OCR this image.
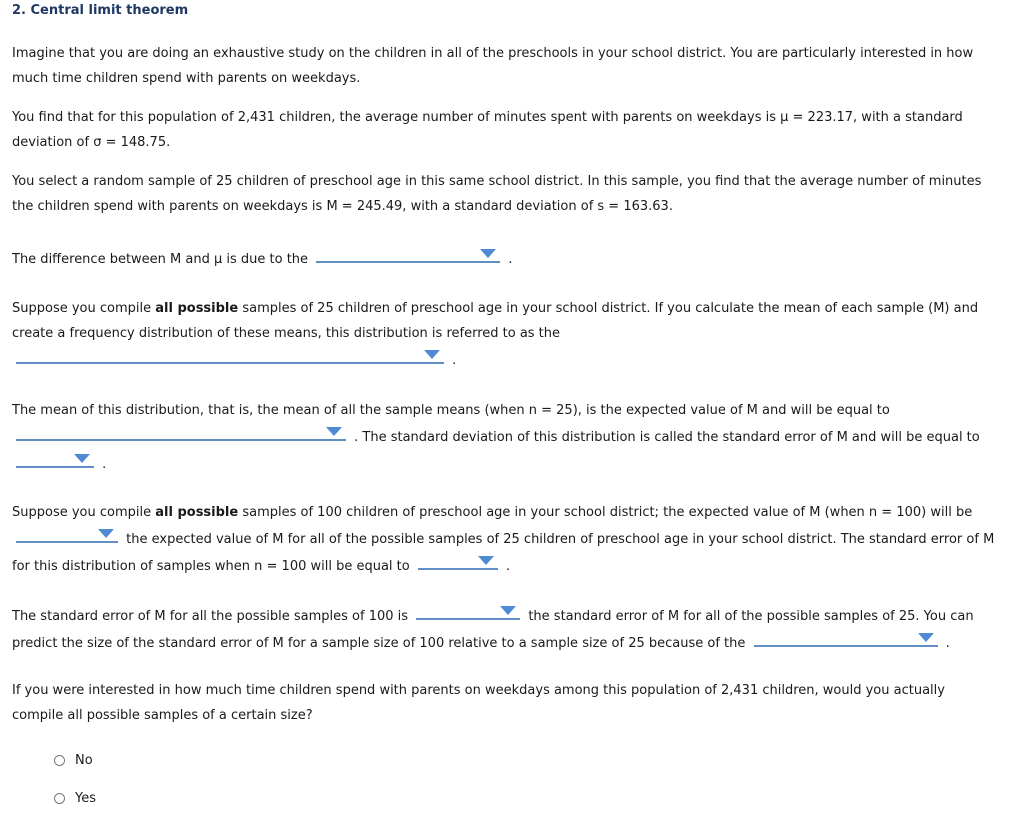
2. Central limit theorem
Imagine that you are doing an exhaustive study on the children in all of the preschools in your school district. You are particularly interested in how
much time children spend with parents on weekdays.
You find that for this population of 2,431 children, the average number of minutes spent with parents on weekdays is μ = 223.17, with a standard
deviation of σ = 148.75.
You select a random sample of 25 children of preschool age in this same school district. In this sample, you find that the average number of minutes
the children spend with parents on weekdays is M = 245.49, with a standard deviation of s = 163.63.
The difference between M and μ is due to the	.
Suppose you compile all possible samples of 25 children of preschool age in your school district. If you calculate the mean of each sample (M) and
create a frequency distribution of these means, this distribution is referred to as the
.
The mean of this distribution, that is, the mean of all the sample means (when n = 25), is the expected value of M and will be equal to
. The standard deviation of this distribution is called the standard error of M and will be equal to
.
Suppose you compile all possible samples of 100 children of preschool age in your school district; the expected value of M (when n = 100) will be
the expected value of M for all of the possible samples of 25 children of preschool age in your school district. The standard error of M
for this distribution of samples when n = 100 will be equal to	.
The standard error of M for all the possible samples of 100 is	the standard error of M for all of the possible samples of 25. You can
predict the size of the standard error of M for a sample size of 100 relative to a sample size of 25 because of the	.
If you were interested in how much time children spend with parents on weekdays among this population of 2,431 children, would you actually
compile all possible samples of a certain size?
No
Yes
